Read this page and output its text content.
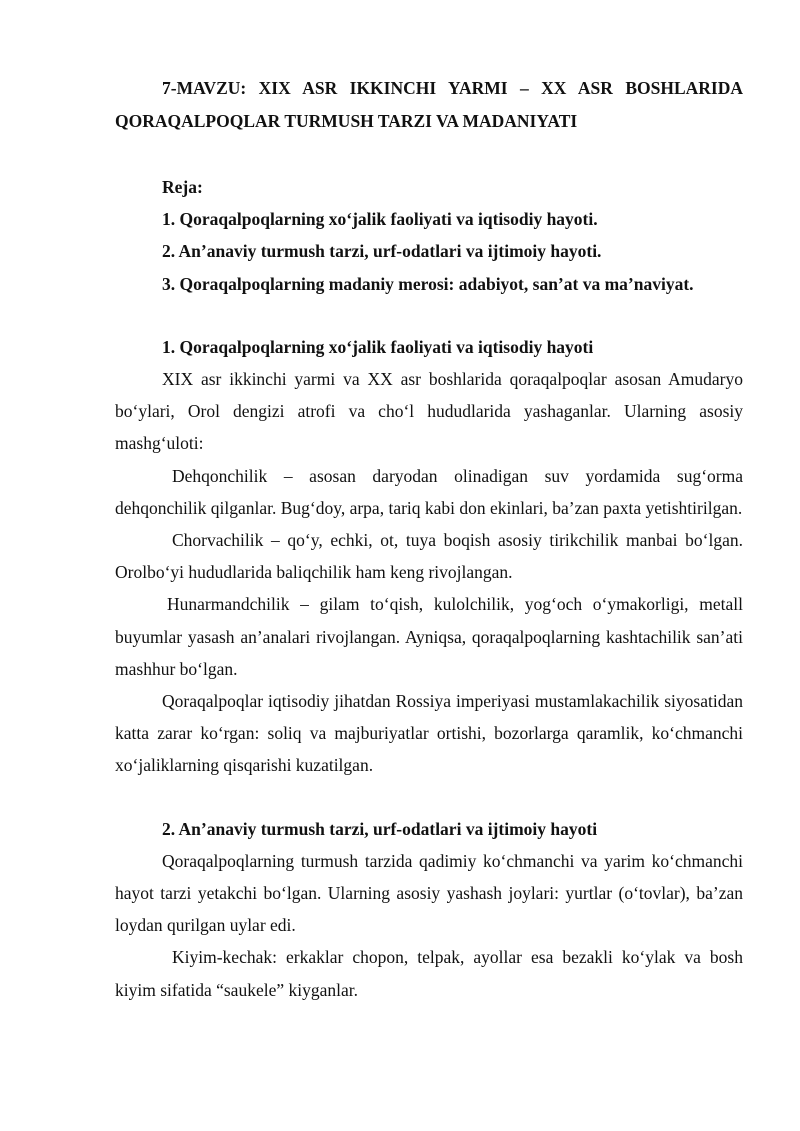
7-MAVZU: XIX ASR IKKINCHI YARMI – XX ASR BOSHLARIDA QORAQALPOQLAR TURMUSH TARZI VA MADANIYATI

Reja:

1. Qoraqalpoqlarning xo‘jalik faoliyati va iqtisodiy hayoti.

2. An’anaviy turmush tarzi, urf-odatlari va ijtimoiy hayoti.

3. Qoraqalpoqlarning madaniy merosi: adabiyot, san’at va ma’naviyat.

1. Qoraqalpoqlarning xo‘jalik faoliyati va iqtisodiy hayoti

XIX asr ikkinchi yarmi va XX asr boshlarida qoraqalpoqlar asosan Amudaryo bo‘ylari, Orol dengizi atrofi va cho‘l hududlarida yashaganlar. Ularning asosiy mashg‘uloti:

Dehqonchilik – asosan daryodan olinadigan suv yordamida sug‘orma dehqonchilik qilganlar. Bug‘doy, arpa, tariq kabi don ekinlari, ba’zan paxta yetishtirilgan.

Chorvachilik – qo‘y, echki, ot, tuya boqish asosiy tirikchilik manbai bo‘lgan. Orolbo‘yi hududlarida baliqchilik ham keng rivojlangan.

Hunarmandchilik – gilam to‘qish, kulolchilik, yog‘och o‘ymakorligi, metall buyumlar yasash an’analari rivojlangan. Ayniqsa, qoraqalpoqlarning kashtachilik san’ati mashhur bo‘lgan.

Qoraqalpoqlar iqtisodiy jihatdan Rossiya imperiyasi mustamlakachilik siyosatidan katta zarar ko‘rgan: soliq va majburiyatlar ortishi, bozorlarga qaramlik, ko‘chmanchi xo‘jaliklarning qisqarishi kuzatilgan.

2. An’anaviy turmush tarzi, urf-odatlari va ijtimoiy hayoti

Qoraqalpoqlarning turmush tarzida qadimiy ko‘chmanchi va yarim ko‘chmanchi hayot tarzi yetakchi bo‘lgan. Ularning asosiy yashash joylari: yurtlar (o‘tovlar), ba’zan loydan qurilgan uylar edi.

Kiyim-kechak: erkaklar chopon, telpak, ayollar esa bezakli ko‘ylak va bosh kiyim sifatida “saukele” kiyganlar.
